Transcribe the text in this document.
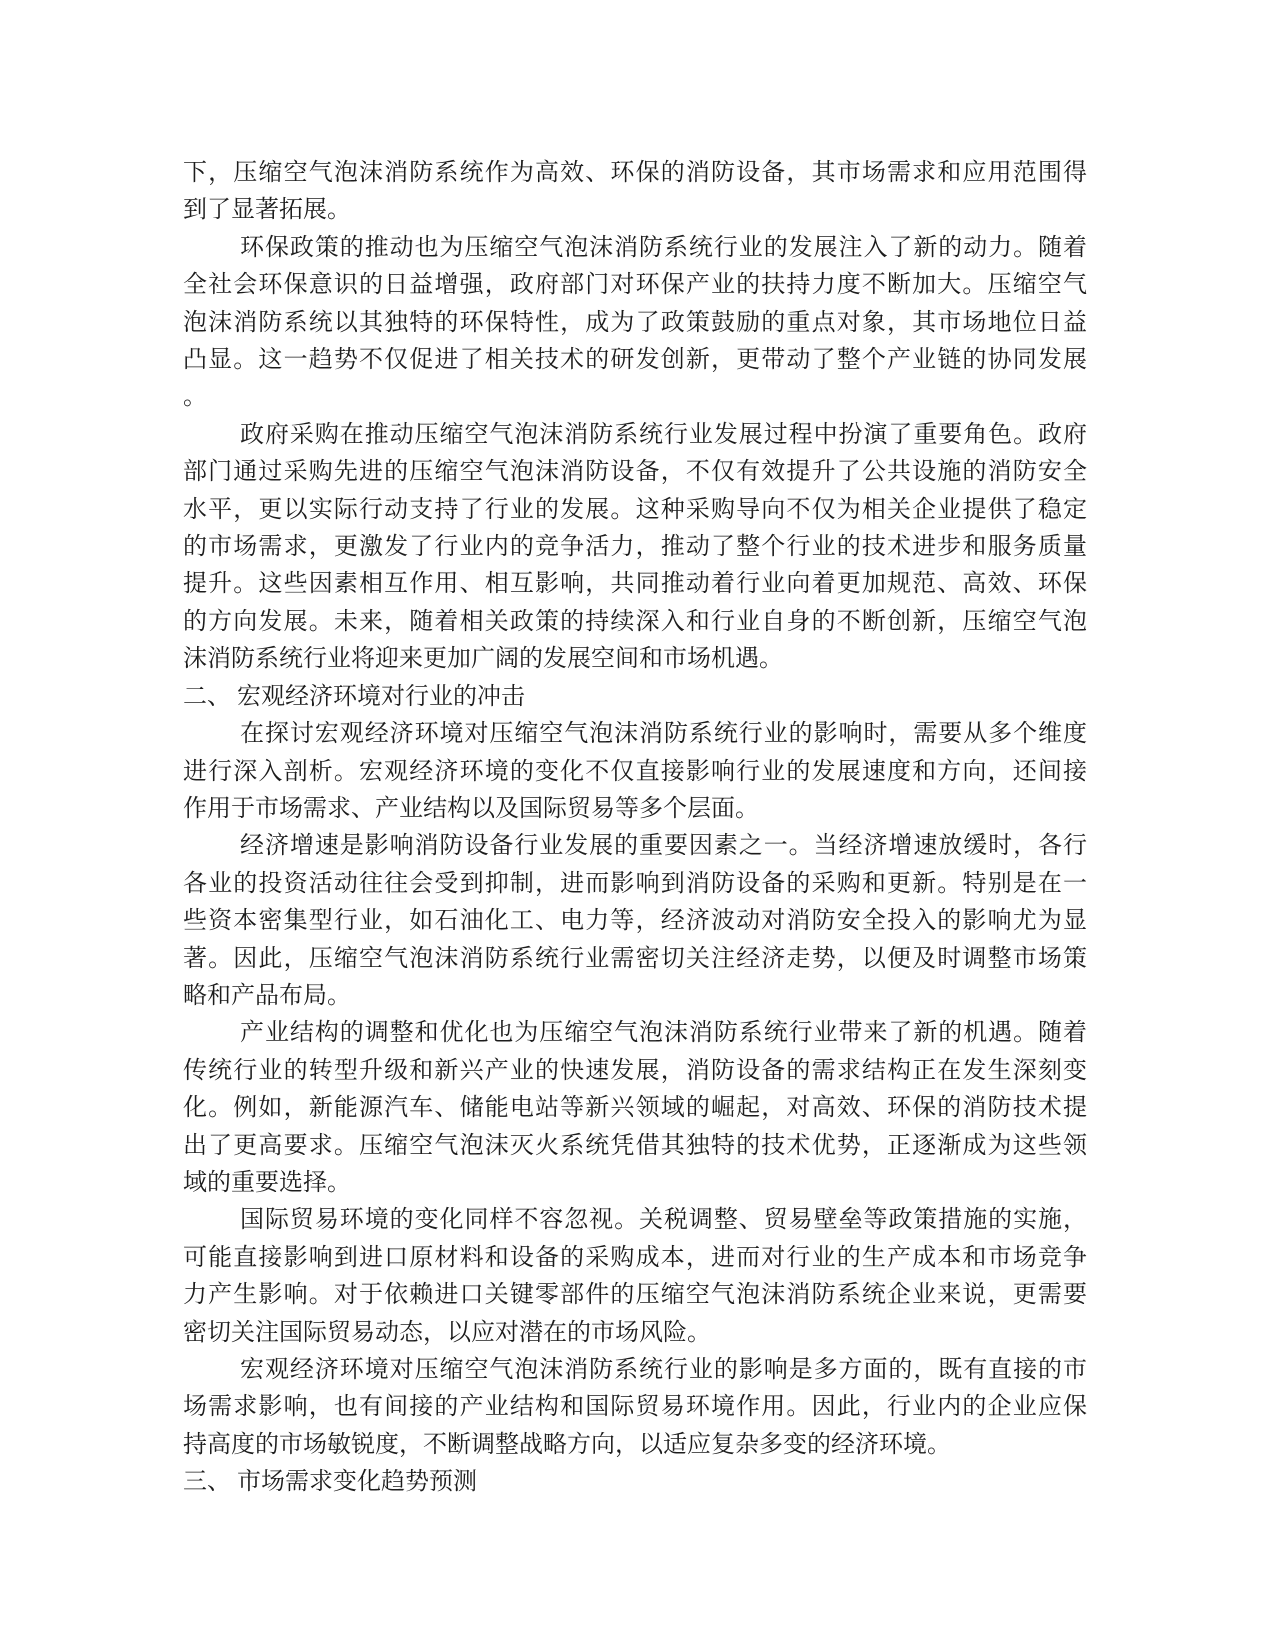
下，压缩空气泡沫消防系统作为高效、环保的消防设备，其市场需求和应用范围得
到了显著拓展。
环保政策的推动也为压缩空气泡沫消防系统行业的发展注入了新的动力。随着
全社会环保意识的日益增强，政府部门对环保产业的扶持力度不断加大。压缩空气
泡沫消防系统以其独特的环保特性，成为了政策鼓励的重点对象，其市场地位日益
凸显。这一趋势不仅促进了相关技术的研发创新，更带动了整个产业链的协同发展
。
政府采购在推动压缩空气泡沫消防系统行业发展过程中扮演了重要角色。政府
部门通过采购先进的压缩空气泡沫消防设备，不仅有效提升了公共设施的消防安全
水平，更以实际行动支持了行业的发展。这种采购导向不仅为相关企业提供了稳定
的市场需求，更激发了行业内的竞争活力，推动了整个行业的技术进步和服务质量
提升。这些因素相互作用、相互影响，共同推动着行业向着更加规范、高效、环保
的方向发展。未来，随着相关政策的持续深入和行业自身的不断创新，压缩空气泡
沫消防系统行业将迎来更加广阔的发展空间和市场机遇。
二、 宏观经济环境对行业的冲击
在探讨宏观经济环境对压缩空气泡沫消防系统行业的影响时，需要从多个维度
进行深入剖析。宏观经济环境的变化不仅直接影响行业的发展速度和方向，还间接
作用于市场需求、产业结构以及国际贸易等多个层面。
经济增速是影响消防设备行业发展的重要因素之一。当经济增速放缓时，各行
各业的投资活动往往会受到抑制，进而影响到消防设备的采购和更新。特别是在一
些资本密集型行业，如石油化工、电力等，经济波动对消防安全投入的影响尤为显
著。因此，压缩空气泡沫消防系统行业需密切关注经济走势，以便及时调整市场策
略和产品布局。
产业结构的调整和优化也为压缩空气泡沫消防系统行业带来了新的机遇。随着
传统行业的转型升级和新兴产业的快速发展，消防设备的需求结构正在发生深刻变
化。例如，新能源汽车、储能电站等新兴领域的崛起，对高效、环保的消防技术提
出了更高要求。压缩空气泡沫灭火系统凭借其独特的技术优势，正逐渐成为这些领
域的重要选择。
国际贸易环境的变化同样不容忽视。关税调整、贸易壁垒等政策措施的实施，
可能直接影响到进口原材料和设备的采购成本，进而对行业的生产成本和市场竞争
力产生影响。对于依赖进口关键零部件的压缩空气泡沫消防系统企业来说，更需要
密切关注国际贸易动态，以应对潜在的市场风险。
宏观经济环境对压缩空气泡沫消防系统行业的影响是多方面的，既有直接的市
场需求影响，也有间接的产业结构和国际贸易环境作用。因此，行业内的企业应保
持高度的市场敏锐度，不断调整战略方向，以适应复杂多变的经济环境。
三、 市场需求变化趋势预测
